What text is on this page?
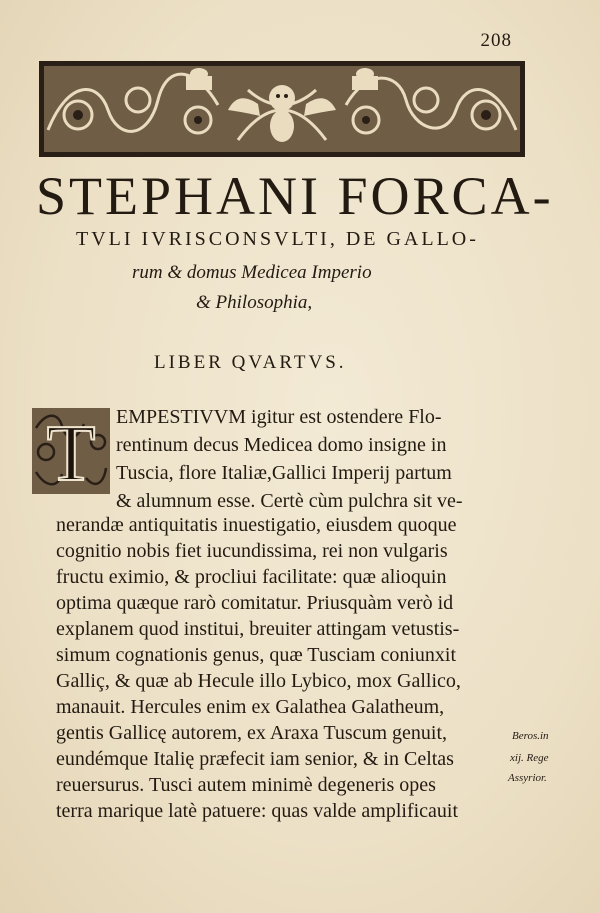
208
STEPHANI FORCA-
TVLI IVRISCONSVLTI, DE GALLO-
rum & domus Medicea Imperio
& Philosophia,
LIBER QVARTVS.
T EMPESTIVVM igitur est ostendere Flo-
rentinum decus Medicea domo insigne in
Tuscia, flore Italiæ,Gallici Imperij partum
& alumnum esse. Certè cùm pulchra sit ve-
nerandæ antiquitatis inuestigatio, eiusdem quoque
cognitio nobis fiet iucundissima, rei non vulgaris
fructu eximio, & procliui facilitate: quæ alioquin
optima quæque rarò comitatur. Priusquàm verò id
explanem quod institui, breuiter attingam vetustis-
simum cognationis genus, quæ Tusciam coniunxit
Galliç, & quæ ab Hecule illo Lybico, mox Gallico,
manauit. Hercules enim ex Galathea Galatheum,
gentis Gallicę autorem, ex Araxa Tuscum genuit,
eundémque Italię præfecit iam senior, & in Celtas
reuersurus. Tusci autem minimè degeneris opes
terra marique latè patuere: quas valde amplificauit
Beros.in
xij. Rege
Assyrior.
